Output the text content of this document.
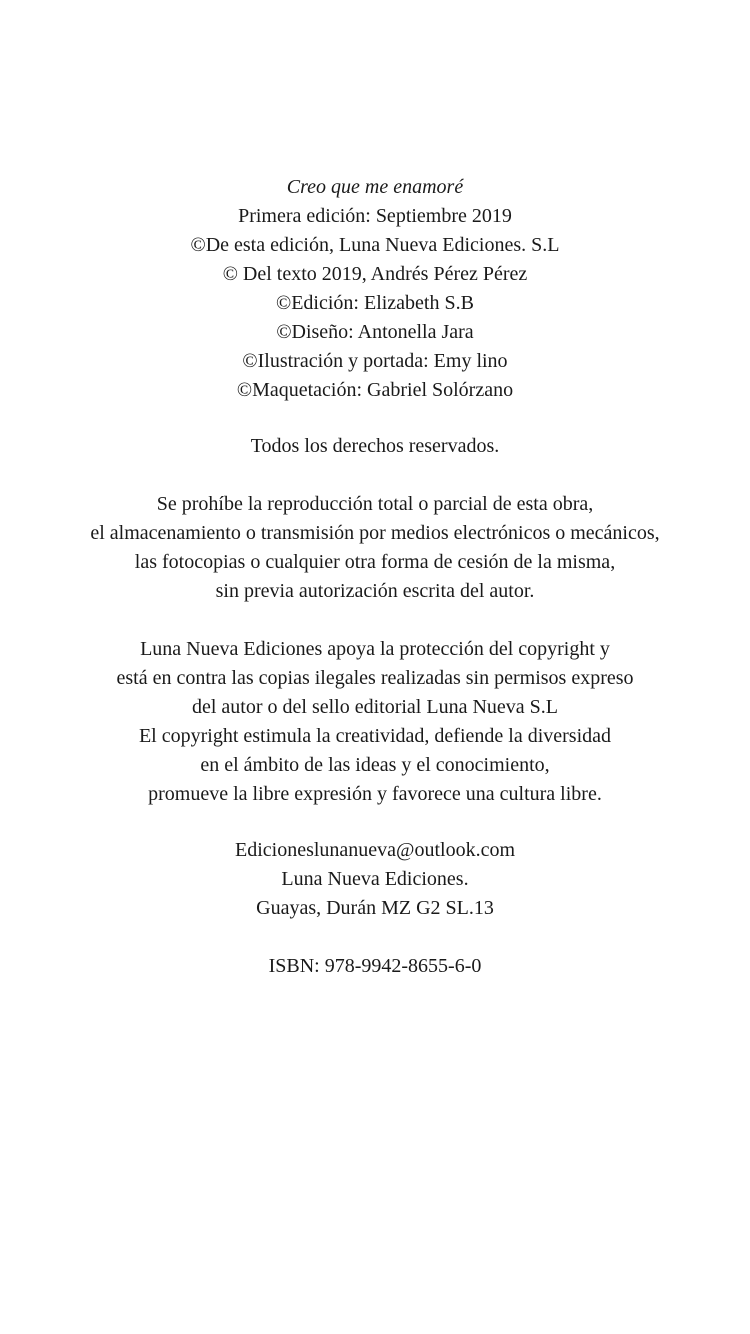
Creo que me enamoré
Primera edición: Septiembre 2019
©De esta edición, Luna Nueva Ediciones. S.L
© Del texto 2019, Andrés Pérez Pérez
©Edición: Elizabeth S.B
©Diseño: Antonella Jara
©Ilustración y portada: Emy lino
©Maquetación: Gabriel Solórzano
Todos los derechos reservados.
Se prohíbe la reproducción total o parcial de esta obra,
el almacenamiento o transmisión por medios electrónicos o mecánicos,
las fotocopias o cualquier otra forma de cesión de la misma,
sin previa autorización escrita del autor.
Luna Nueva Ediciones apoya la protección del copyright y
está en contra las copias ilegales realizadas sin permisos expreso
del autor o del sello editorial Luna Nueva S.L
El copyright estimula la creatividad, defiende la diversidad
en el ámbito de las ideas y el conocimiento,
promueve la libre expresión y favorece una cultura libre.
Edicioneslunanueva@outlook.com
Luna Nueva Ediciones.
Guayas, Durán MZ G2 SL.13
ISBN: 978-9942-8655-6-0
